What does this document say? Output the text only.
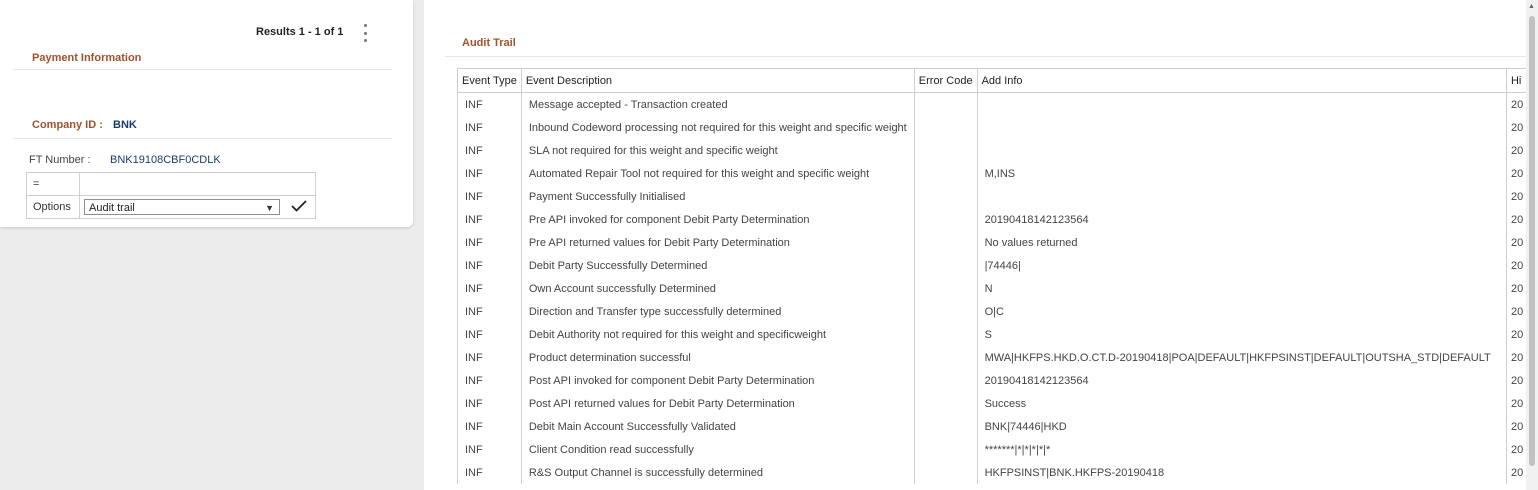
Results 1 - 1 of 1
Payment Information
Company ID : BNK
FT Number : BNK19108CBF0CDLK
=	
Options	Audit trail ▼

Audit Trail
Event Type	Event Description	Error Code	Add Info	Hi
INF	Message accepted - Transaction created			20
INF	Inbound Codeword processing not required for this weight and specific weight			20
INF	SLA not required for this weight and specific weight			20
INF	Automated Repair Tool not required for this weight and specific weight		M,INS	20
INF	Payment Successfully Initialised			20
INF	Pre API invoked for component Debit Party Determination		20190418142123564	20
INF	Pre API returned values for Debit Party Determination		No values returned	20
INF	Debit Party Successfully Determined		|74446|	20
INF	Own Account successfully Determined		N	20
INF	Direction and Transfer type successfully determined		O|C	20
INF	Debit Authority not required for this weight and specificweight		S	20
INF	Product determination successful		MWA|HKFPS.HKD.O.CT.D-20190418|POA|DEFAULT|HKFPSINST|DEFAULT|OUTSHA_STD|DEFAULT	20
INF	Post API invoked for component Debit Party Determination		20190418142123564	20
INF	Post API returned values for Debit Party Determination		Success	20
INF	Debit Main Account Successfully Validated		BNK|74446|HKD	20
INF	Client Condition read successfully		*******|*|*|*|*|*	20
INF	R&S Output Channel is successfully determined		HKFPSINST|BNK.HKFPS-20190418	20
▲
